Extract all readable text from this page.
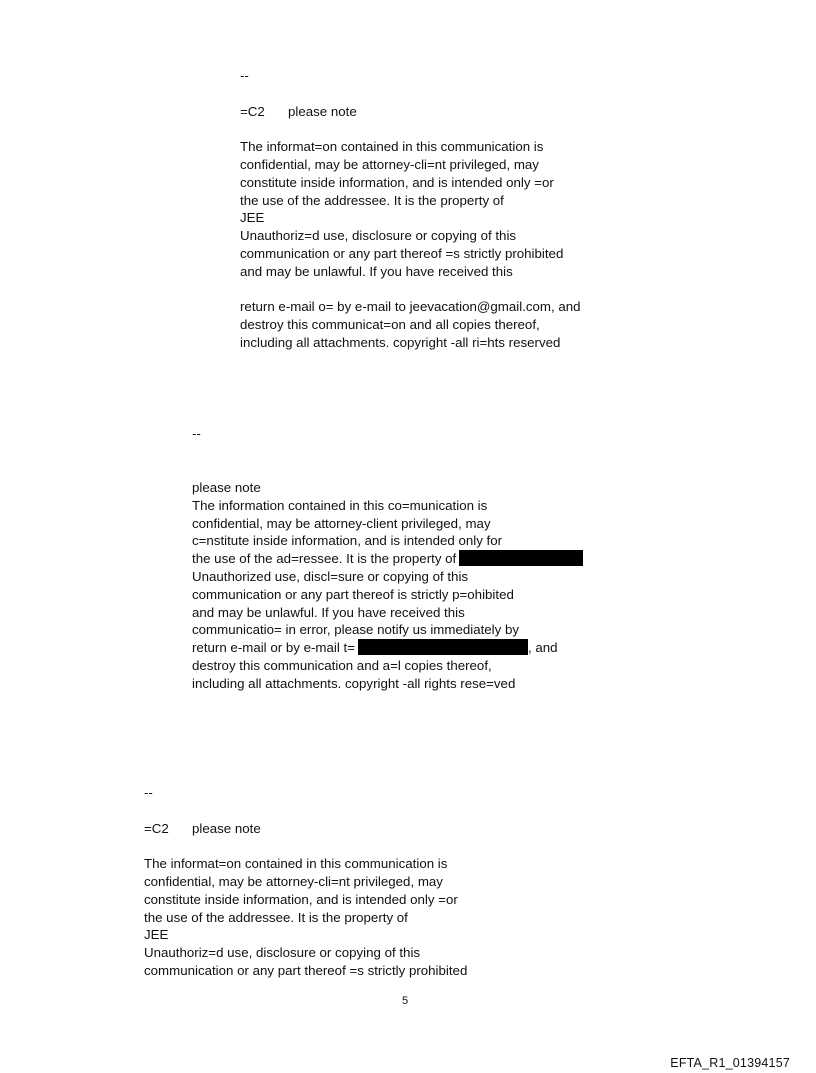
--
=C2 please note
The informat=on contained in this communication is
confidential, may be attorney-cli=nt privileged, may
constitute inside information, and is intended only =or
the use of the addressee. It is the property of
JEE
Unauthoriz=d use, disclosure or copying of this
communication or any part thereof =s strictly prohibited
and may be unlawful. If you have received this
return e-mail o= by e-mail to jeevacation@gmail.com, and
destroy this communicat=on and all copies thereof,
including all attachments. copyright -all ri=hts reserved
--
please note
The information contained in this co=munication is
confidential, may be attorney-client privileged, may
c=nstitute inside information, and is intended only for
the use of the ad=ressee. It is the property of
Unauthorized use, discl=sure or copying of this
communication or any part thereof is strictly p=ohibited
and may be unlawful. If you have received this
communicatio= in error, please notify us immediately by
return e-mail or by e-mail t=	, and
destroy this communication and a=l copies thereof,
including all attachments. copyright -all rights rese=ved
--
=C2 please note
The informat=on contained in this communication is
confidential, may be attorney-cli=nt privileged, may
constitute inside information, and is intended only =or
the use of the addressee. It is the property of
JEE
Unauthoriz=d use, disclosure or copying of this
communication or any part thereof =s strictly prohibited
5
EFTA_R1_01394157
